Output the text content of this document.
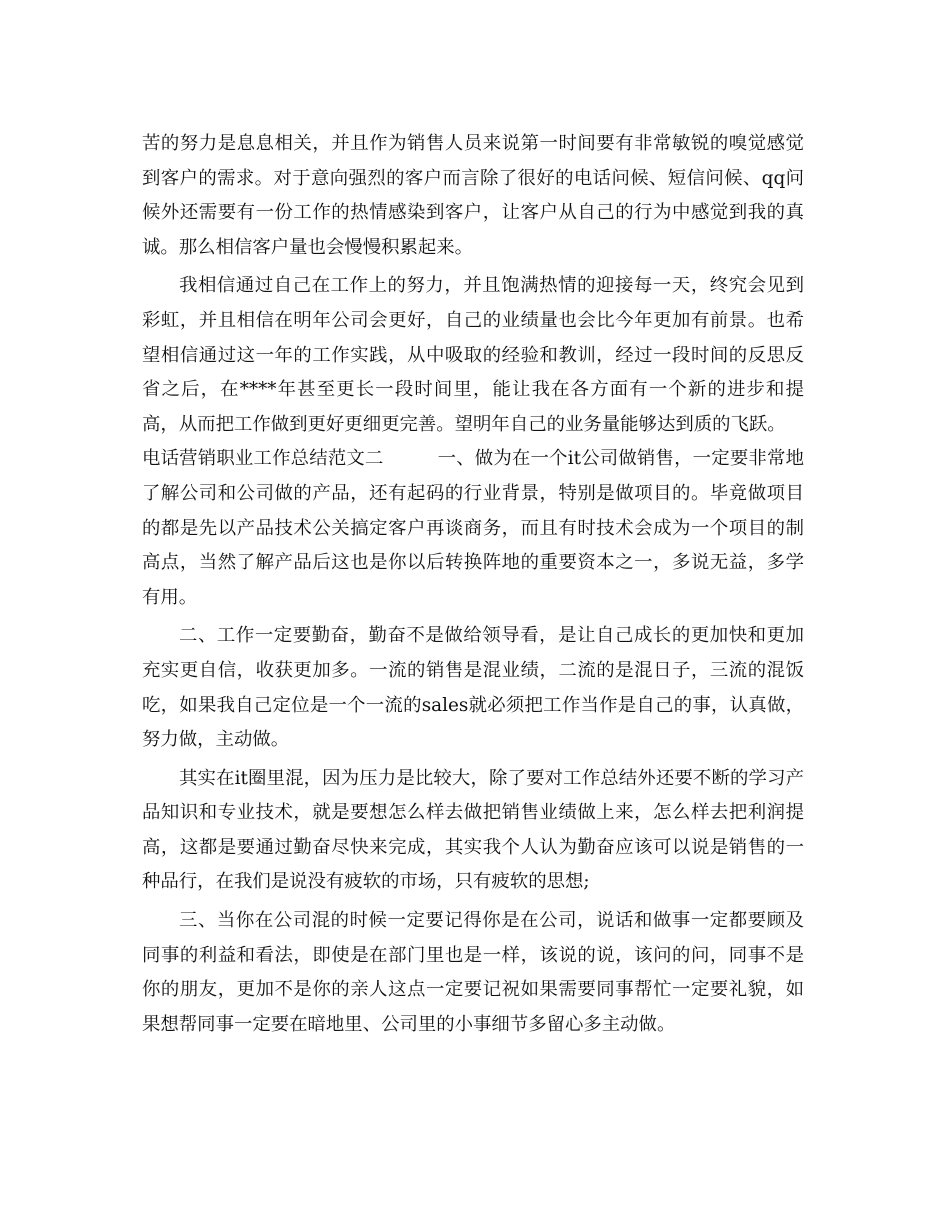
苦的努力是息息相关，并且作为销售人员来说第一时间要有非常敏锐的嗅觉感觉到客户的需求。对于意向强烈的客户而言除了很好的电话问候、短信问候、qq问候外还需要有一份工作的热情感染到客户，让客户从自己的行为中感觉到我的真诚。那么相信客户量也会慢慢积累起来。

我相信通过自己在工作上的努力，并且饱满热情的迎接每一天，终究会见到彩虹，并且相信在明年公司会更好，自己的业绩量也会比今年更加有前景。也希望相信通过这一年的工作实践，从中吸取的经验和教训，经过一段时间的反思反省之后，在****年甚至更长一段时间里，能让我在各方面有一个新的进步和提高，从而把工作做到更好更细更完善。望明年自己的业务量能够达到质的飞跃。

电话营销职业工作总结范文二	一、做为在一个it公司做销售，一定要非常地了解公司和公司做的产品，还有起码的行业背景，特别是做项目的。毕竟做项目的都是先以产品技术公关搞定客户再谈商务，而且有时技术会成为一个项目的制高点，当然了解产品后这也是你以后转换阵地的重要资本之一，多说无益，多学有用。

二、工作一定要勤奋，勤奋不是做给领导看，是让自己成长的更加快和更加充实更自信，收获更加多。一流的销售是混业绩，二流的是混日子，三流的混饭吃，如果我自己定位是一个一流的sales就必须把工作当作是自己的事，认真做，努力做，主动做。

其实在it圈里混，因为压力是比较大，除了要对工作总结外还要不断的学习产品知识和专业技术，就是要想怎么样去做把销售业绩做上来，怎么样去把利润提高，这都是要通过勤奋尽快来完成，其实我个人认为勤奋应该可以说是销售的一种品行，在我们是说没有疲软的市场，只有疲软的思想;

三、当你在公司混的时候一定要记得你是在公司，说话和做事一定都要顾及同事的利益和看法，即使是在部门里也是一样，该说的说，该问的问，同事不是你的朋友，更加不是你的亲人这点一定要记祝如果需要同事帮忙一定要礼貌，如果想帮同事一定要在暗地里、公司里的小事细节多留心多主动做。
